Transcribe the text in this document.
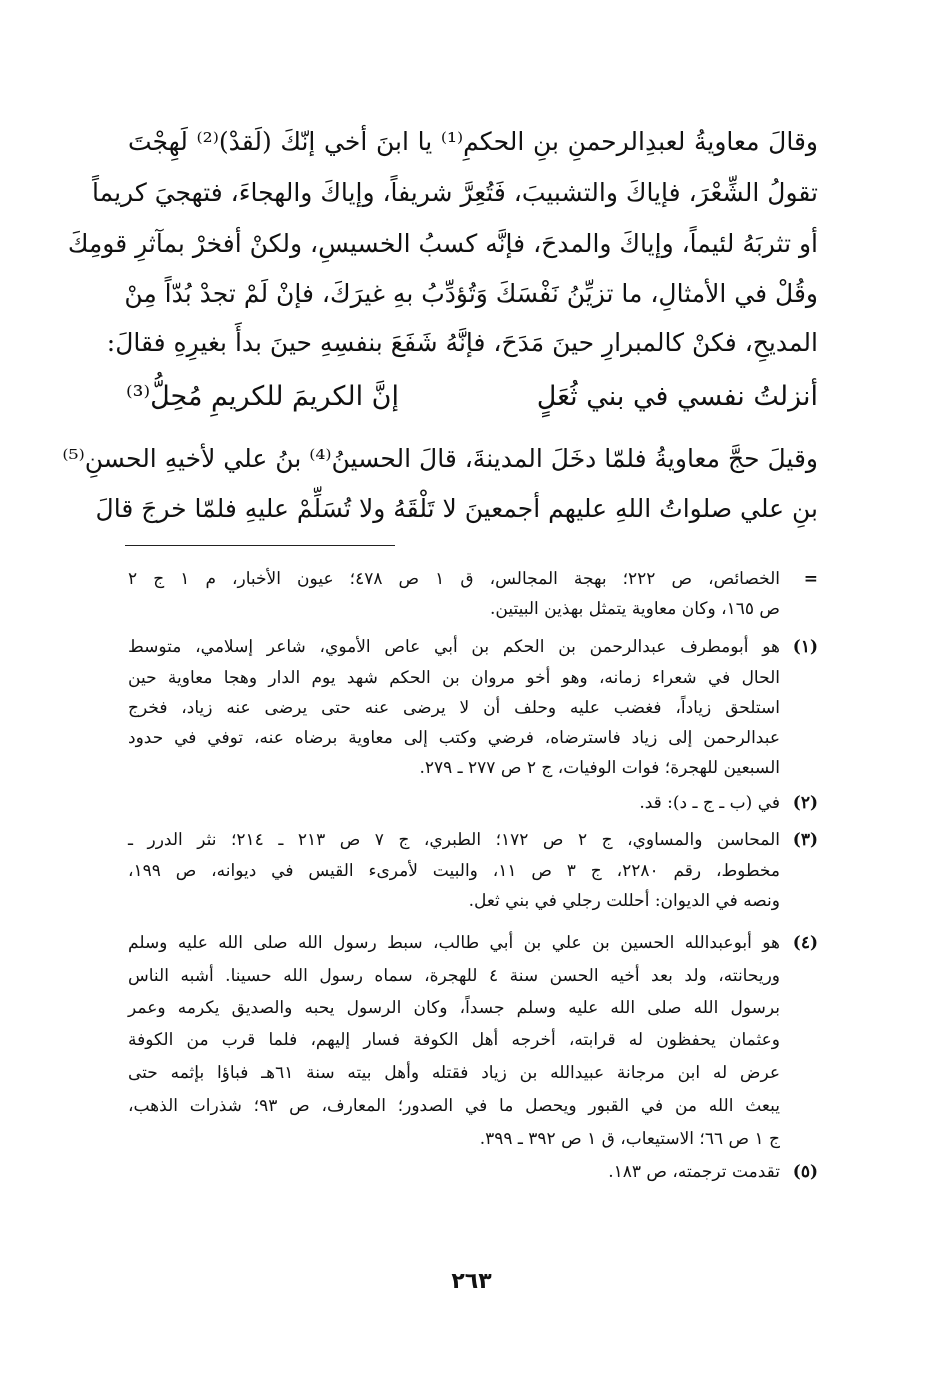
وقالَ معاويةُ لعبدِالرحمنِ بنِ الحكمِ⁽¹⁾ يا ابنَ أخي إنّكَ (لَقدْ)⁽²⁾ لَهِجْتَ
تقولُ الشِّعْرَ، فإياكَ والتشبيبَ، فَتُعِرَّ شريفاً، وإياكَ والهجاءَ، فتهجيَ كريماً
أو تثربَهُ لئيماً، وإياكَ والمدحَ، فإنَّه كسبُ الخسيسِ، ولكنْ أفخرْ بمآثرِ قومِكَ
وقُلْ في الأمثالِ، ما تزيِّنُ نَفْسَكَ وَتُؤدِّبُ بهِ غيرَكَ، فإنْ لَمْ تجدْ بُدّاً مِنْ
المديحِ، فكنْ كالمبرارِ حينَ مَدَحَ، فإنَّهُ شَفَعَ بنفسِهِ حينَ بدأَ بغيرِهِ فقالَ:
أنزلتُ نفسي في بني ثُعَلٍ
إنَّ الكريمَ للكريمِ مُحِلُّ⁽³⁾
وقيلَ حجَّ معاويةُ فلمّا دخَلَ المدينةَ، قالَ الحسينُ⁽⁴⁾ بنُ علي لأخيهِ الحسنِ⁽⁵⁾
بنِ علي صلواتُ اللهِ عليهم أجمعينَ لا تَلْقَهُ ولا تُسَلِّمْ عليهِ فلمّا خرجَ قالَ
=
الخصائص، ص ٢٢٢؛ بهجة المجالس، ق ١ ص ٤٧٨؛ عيون الأخبار، م ١ ج ٢
ص ١٦٥، وكان معاوية يتمثل بهذين البيتين.
(١)
هو أبومطرف عبدالرحمن بن الحكم بن أبي عاص الأموي، شاعر إسلامي، متوسط
الحال في شعراء زمانه، وهو أخو مروان بن الحكم شهد يوم الدار وهجا معاوية حين
استلحق زياداً، فغضب عليه وحلف أن لا يرضى عنه حتى يرضى عنه زياد، فخرج
عبدالرحمن إلى زياد فاسترضاه، فرضي وكتب إلى معاوية برضاه عنه، توفي في حدود
السبعين للهجرة؛ فوات الوفيات، ج ٢ ص ٢٧٧ ـ ٢٧٩.
(٢)
في (ب ـ ج ـ د): قد.
(٣)
المحاسن والمساوي، ج ٢ ص ١٧٢؛ الطبري، ج ٧ ص ٢١٣ ـ ٢١٤؛ نثر الدرر ـ
مخطوط، رقم ٢٢٨٠، ج ٣ ص ١١، والبيت لأمرىء القيس في ديوانه، ص ١٩٩،
ونصه في الديوان: أحللت رجلي في بني ثعل.
(٤)
هو أبوعبدالله الحسين بن علي بن أبي طالب، سبط رسول الله صلى الله عليه وسلم
وريحانته، ولد بعد أخيه الحسن سنة ٤ للهجرة، سماه رسول الله حسينا. أشبه الناس
برسول الله صلى الله عليه وسلم جسداً، وكان الرسول يحبه والصديق يكرمه وعمر
وعثمان يحفظون له قرابته، أخرجه أهل الكوفة فسار إليهم، فلما قرب من الكوفة
عرض له ابن مرجانة عبيدالله بن زياد فقتله وأهل بيته سنة ٦١هـ فباؤا بإثمه حتى
يبعث الله من في القبور ويحصل ما في الصدور؛ المعارف، ص ٩٣؛ شذرات الذهب،
ج ١ ص ٦٦؛ الاستيعاب، ق ١ ص ٣٩٢ ـ ٣٩٩.
(٥)
تقدمت ترجمته، ص ١٨٣.
٢٦٣
